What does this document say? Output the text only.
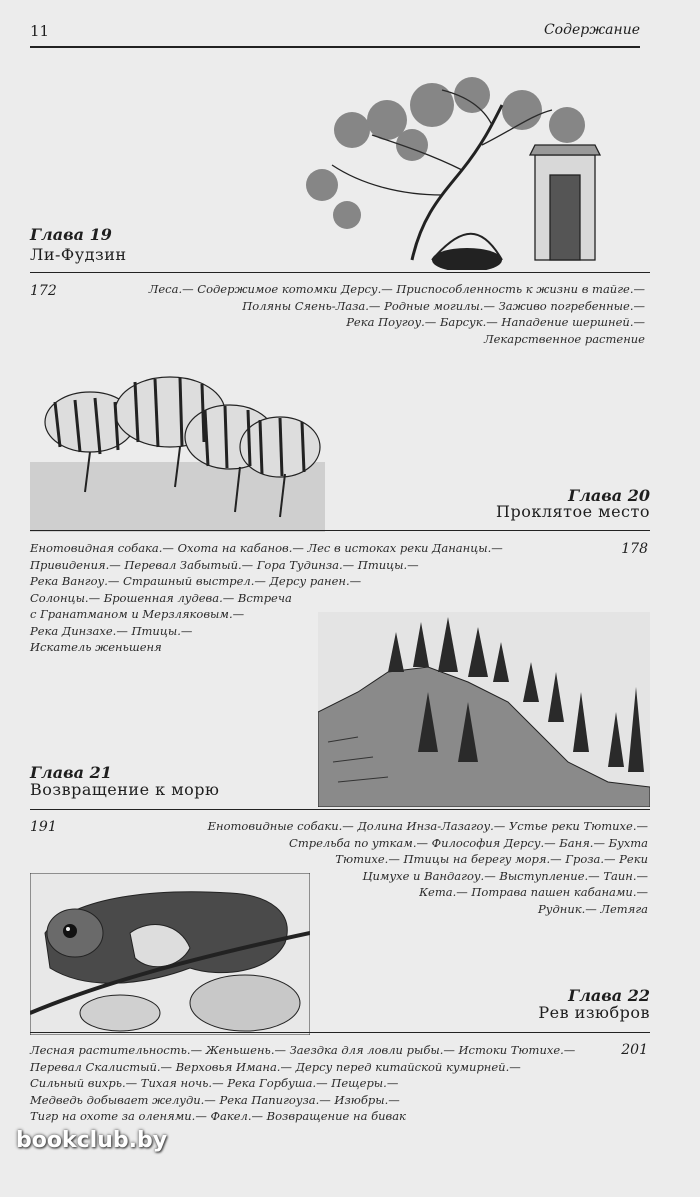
11	Содержание
Глава 19
Ли-Фудзин
172	Леса.— Содержимое котомки Дерсу.— Приспособленность к жизни в тайге.—
Поляны Сяень-Лаза.— Родные могилы.— Заживо погребенные.—
Река Поугоу.— Барсук.— Нападение шершней.—
Лекарственное растение
Глава 20
Проклятое место
178
Енотовидная собака.— Охота на кабанов.— Лес в истоках реки Дананцы.—
Привидения.— Перевал Забытый.— Гора Тудинза.— Птицы.—
Река Вангоу.— Страшный выстрел.— Дерсу ранен.—
Солонцы.— Брошенная лудева.— Встреча
с Гранатманом и Мерзляковым.—
Река Динзахе.— Птицы.—
Искатель женьшеня
Глава 21
Возвращение к морю
191	Енотовидные собаки.— Долина Инза-Лазагоу.— Устье реки Тютихе.—
Стрельба по уткам.— Философия Дерсу.— Баня.— Бухта
Тютихе.— Птицы на берегу моря.— Гроза.— Реки
Цимухе и Вандагоу.— Выступление.— Таин.—
Кета.— Потрава пашен кабанами.—
Рудник.— Летяга
Глава 22
Рев изюбров
201
Лесная растительность.— Женьшень.— Заездка для ловли рыбы.— Истоки Тютихе.—
Перевал Скалистый.— Верховья Имана.— Дерсу перед китайской кумирней.—
Сильный вихрь.— Тихая ночь.— Река Горбуша.— Пещеры.—
Медведь добывает желуди.— Река Папигоуза.— Изюбры.—
Тигр на охоте за оленями.— Факел.— Возвращение на бивак
bookclub.by
